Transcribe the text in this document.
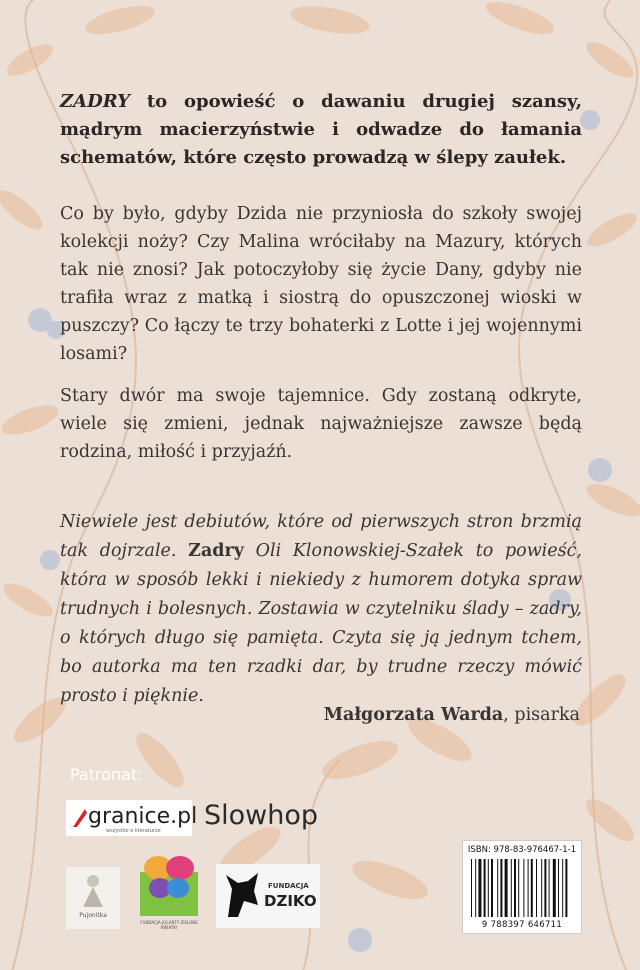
ZADRY to opowieść o dawaniu drugiej szansy, mądrym macierzyństwie i odwadze do łamania schematów, które często prowadzą w ślepy zaułek.

Co by było, gdyby Dzida nie przyniosła do szkoły swojej kolekcji noży? Czy Malina wróciłaby na Mazury, których tak nie znosi? Jak potoczyłoby się życie Dany, gdyby nie trafiła wraz z matką i siostrą do opuszczonej wioski w puszczy? Co łączy te trzy bohaterki z Lotte i jej wojennymi losami?

Stary dwór ma swoje tajemnice. Gdy zostaną odkryte, wiele się zmieni, jednak najważniejsze zawsze będą rodzina, miłość i przyjaźń.

Niewiele jest debiutów, które od pierwszych stron brzmią tak dojrzale. Zadry Oli Klonowskiej-Szałek to powieść, która w sposób lekki i niekiedy z humorem dotyka spraw trudnych i bolesnych. Zostawia w czytelniku ślady – zadry, o których długo się pamięta. Czyta się ją jednym tchem, bo autorka ma ten rzadki dar, by trudne rzeczy mówić prosto i pięknie.

Małgorzata Warda, pisarka
Patronat:
granice.pl
wszystko o literaturze Slowhop
Pujonitka
FUNDACJA JOLANTY ZIELONE KWIATKI
FUNDACJA
DZIKO
ISBN: 978-83-976467-1-1
9 788397 646711
